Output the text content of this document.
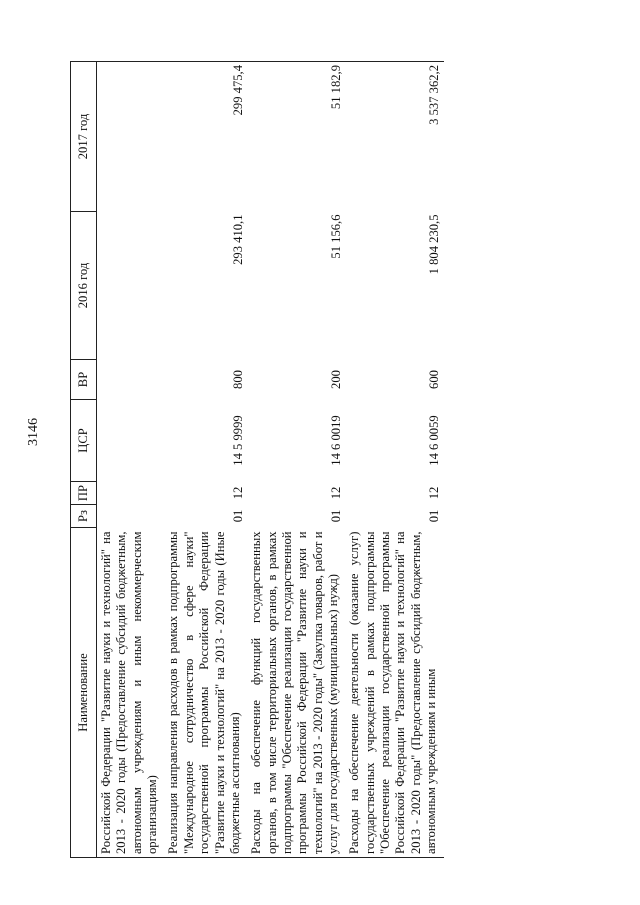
3146
Наименование	Рз	ПР	ЦСР	ВР	2016 год	2017 год
Российской Федерации "Развитие науки и технологий" на 2013 - 2020 годы (Предоставление субсидий бюджетным, автономным учреждениям и иным некоммерческим организациям)						
Реализация направления расходов в рамках подпрограммы "Международное сотрудничество в сфере науки" государственной программы Российской Федерации "Развитие науки и технологий" на 2013 - 2020 годы (Иные бюджетные ассигнования)	01	12	14 5 9999	800	293 410,1	299 475,4
Расходы на обеспечение функций государственных органов, в том числе территориальных органов, в рамках подпрограммы "Обеспечение реализации государственной программы Российской Федерации "Развитие науки и технологий" на 2013 - 2020 годы" (Закупка товаров, работ и услуг для государственных (муниципальных) нужд)	01	12	14 6 0019	200	51 156,6	51 182,9
Расходы на обеспечение деятельности (оказание услуг) государственных учреждений в рамках подпрограммы "Обеспечение реализации государственной программы Российской Федерации "Развитие науки и технологий" на 2013 - 2020 годы" (Предоставление субсидий бюджетным, автономным учреждениям и иным	01	12	14 6 0059	600	1 804 230,5	3 537 362,2
